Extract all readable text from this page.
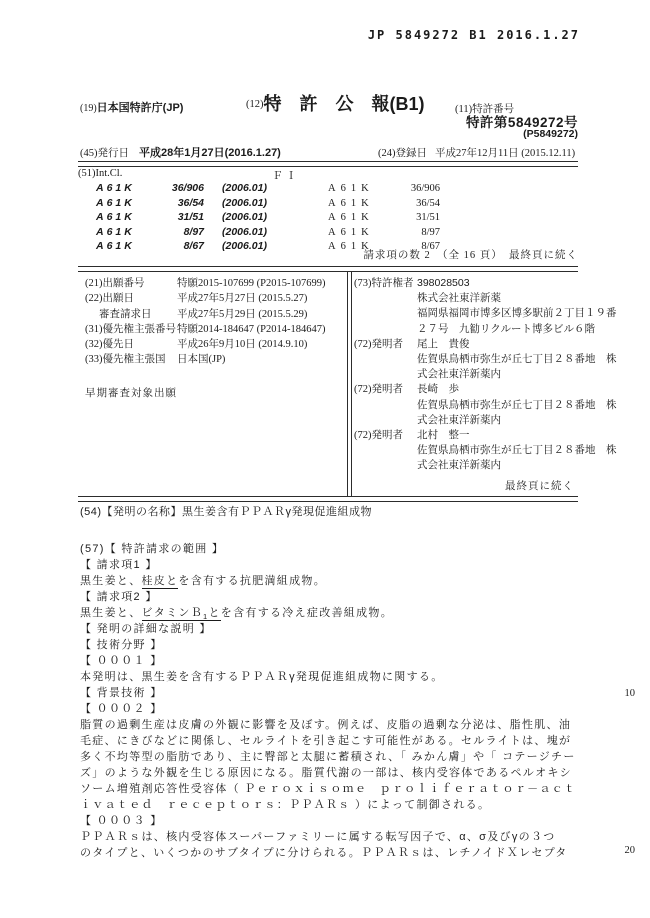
JP 5849272 B1 2016.1.27
(19)日本国特許庁(JP)	(12)特　許　公　報(B1)	(11)特許番号
特許第5849272号
(P5849272)
(45)発行日 平成28年1月27日(2016.1.27)	(24)登録日 平成27年12月11日 (2015.12.11)
(51)Int.Cl.	ＦＩ
A61K	36/906 (2006.01)	A61K	36/906
A61K	36/54 (2006.01)	A61K	36/54
A61K	31/51 (2006.01)	A61K	31/51
A61K	8/97 (2006.01)	A61K	8/97
A61K	8/67 (2006.01)	A61K	8/67
請求項の数 2　（全 16 頁）　最終頁に続く
(21)出願番号	特願2015-107699 (P2015-107699)
(22)出願日	平成27年5月27日 (2015.5.27)
審査請求日	平成27年5月29日 (2015.5.29)
(31)優先権主張番号 特願2014-184647 (P2014-184647)
(32)優先日	平成26年9月10日 (2014.9.10)
(33)優先権主張国	日本国(JP)
早期審査対象出願
(73)特許権者 398028503
株式会社東洋新薬
福岡県福岡市博多区博多駅前２丁目１９番
２７号　九勧リクルート博多ビル６階
(72)発明者	尾上　貴俊
佐賀県鳥栖市弥生が丘七丁目２８番地　株
式会社東洋新薬内
(72)発明者	長崎　歩
佐賀県鳥栖市弥生が丘七丁目２８番地　株
式会社東洋新薬内
(72)発明者	北村　整一
佐賀県鳥栖市弥生が丘七丁目２８番地　株
式会社東洋新薬内
最終頁に続く
(54)【発明の名称】黒生姜含有ＰＰＡＲγ発現促進組成物
(57)【 特許請求の範囲 】
【 請求項1 】
黒生姜と、桂皮とを含有する抗肥満組成物。
【 請求項2 】
黒生姜と、ビタミンＢ$_1$とを含有する冷え症改善組成物。
【 発明の詳細な説明 】
【 技術分野 】
【 ０００１ 】
本発明は、黒生姜を含有するＰＰＡＲγ発現促進組成物に関する。
【 背景技術 】
【 ０００２ 】
脂質の過剰生産は皮膚の外観に影響を及ぼす。例えば、皮脂の過剰な分泌は、脂性肌、油
毛症、にきびなどに関係し、セルライトを引き起こす可能性がある。セルライトは、塊が
多く不均等型の脂肪であり、主に臀部と太腿に蓄積され、「 みかん膚」や「 コテージチー
ズ」のような外観を生じる原因になる。脂質代謝の一部は、核内受容体であるペルオキシ
ソーム増殖剤応答性受容体（ Ｐｅｒｏｘｉｓｏｍｅ　ｐｒｏｌｉｆｅｒａｔｏｒ－ａｃｔ
ｉｖａｔｅｄ　ｒｅｃｅｐｔｏｒｓ：ＰＰＡＲｓ ）によって制御される。
【 ０００３ 】
ＰＰＡＲｓは、核内受容体スーパーファミリーに属する転写因子で、α、σ及びγの３つ
のタイプと、いくつかのサブタイプに分けられる。ＰＰＡＲｓは、レチノイドＸレセプタ
10
20
